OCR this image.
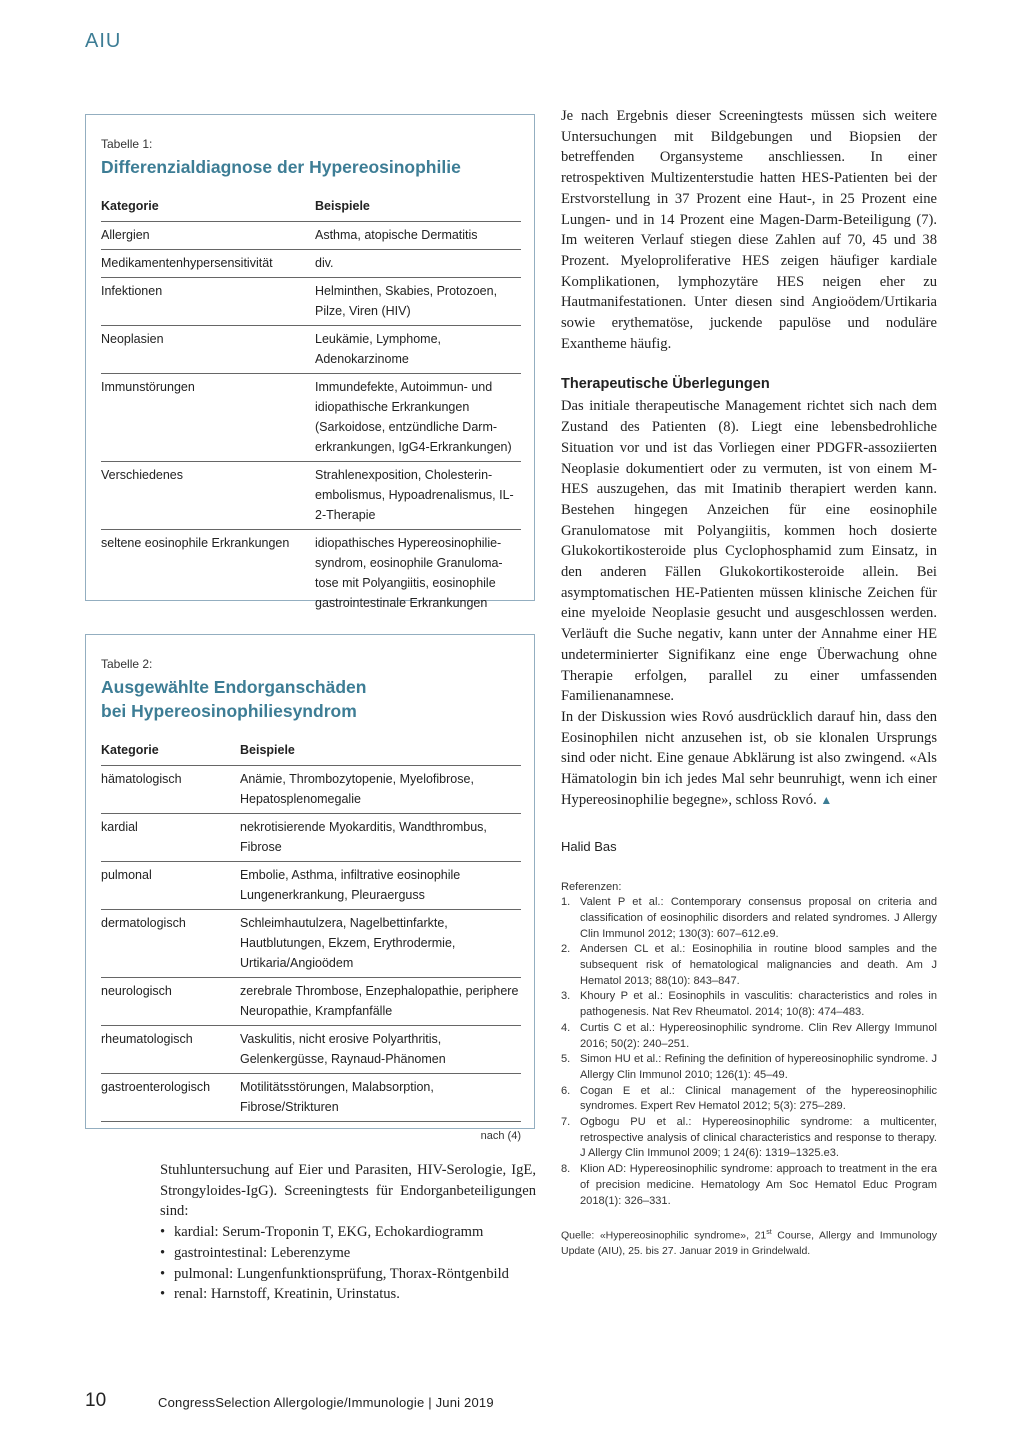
AIU
Tabelle 1:
Differenzialdiagnose der Hypereosinophilie
Kategorie	Beispiele
Allergien	Asthma, atopische Dermatitis
Medikamentenhypersensitivität	div.
Infektionen	Helminthen, Skabies, Protozoen, Pilze, Viren (HIV)
Neoplasien	Leukämie, Lymphome, Adenokarzinome
Immunstörungen	Immundefekte, Autoimmun- und idiopathische Erkrankungen (Sarkoidose, entzündliche Darm-erkrankungen, IgG4-Erkrankungen)
Verschiedenes	Strahlenexposition, Cholesterin-embolismus, Hypoadrenalismus, IL-2-Therapie
seltene eosinophile Erkrankungen	idiopathisches Hypereosinophilie-syndrom, eosinophile Granuloma-tose mit Polyangiitis, eosinophile gastrointestinale Erkrankungen
Tabelle 2:
Ausgewählte Endorganschäden
bei Hypereosinophiliesyndrom
Kategorie	Beispiele
hämatologisch	Anämie, Thrombozytopenie, Myelofibrose, Hepatosplenomegalie
kardial	nekrotisierende Myokarditis, Wandthrombus, Fibrose
pulmonal	Embolie, Asthma, infiltrative eosinophile Lungenerkrankung, Pleuraerguss
dermatologisch	Schleimhautulzera, Nagelbettinfarkte, Hautblutungen, Ekzem, Erythrodermie, Urtikaria/Angioödem
neurologisch	zerebrale Thrombose, Enzephalopathie, periphere Neuropathie, Krampfanfälle
rheumatologisch	Vaskulitis, nicht erosive Polyarthritis, Gelenkergüsse, Raynaud-Phänomen
gastroenterologisch	Motilitätsstörungen, Malabsorption, Fibrose/Strikturen
nach (4)

Stuhluntersuchung auf Eier und Parasiten, HIV-Serologie, IgE, Strongyloides-IgG). Screeningtests für Endorganbeteiligungen sind:

• kardial: Serum-Troponin T, EKG, Echokardiogramm
• gastrointestinal: Leberenzyme
• pulmonal: Lungenfunktionsprüfung, Thorax-Röntgenbild
• renal: Harnstoff, Kreatinin, Urinstatus.

Je nach Ergebnis dieser Screeningtests müssen sich weitere Untersuchungen mit Bildgebungen und Biopsien der betreffenden Organsysteme anschliessen. In einer retrospektiven Multizenterstudie hatten HES-Patienten bei der Erstvorstellung in 37 Prozent eine Haut-, in 25 Prozent eine Lungen- und in 14 Prozent eine Magen-Darm-Beteiligung (7). Im weiteren Verlauf stiegen diese Zahlen auf 70, 45 und 38 Prozent. Myeloproliferative HES zeigen häufiger kardiale Komplikationen, lymphozytäre HES neigen eher zu Hautmanifestationen. Unter diesen sind Angioödem/Urtikaria sowie erythematöse, juckende papulöse und noduläre Exantheme häufig.

Therapeutische Überlegungen

Das initiale therapeutische Management richtet sich nach dem Zustand des Patienten (8). Liegt eine lebensbedrohliche Situation vor und ist das Vorliegen einer PDGFR-assoziierten Neoplasie dokumentiert oder zu vermuten, ist von einem M-HES auszugehen, das mit Imatinib therapiert werden kann. Bestehen hingegen Anzeichen für eine eosinophile Granulomatose mit Polyangiitis, kommen hoch dosierte Glukokortikosteroide plus Cyclophosphamid zum Einsatz, in den anderen Fällen Glukokortikosteroide allein. Bei asymptomatischen HE-Patienten müssen klinische Zeichen für eine myeloide Neoplasie gesucht und ausgeschlossen werden. Verläuft die Suche negativ, kann unter der Annahme einer HE undeterminierter Signifikanz eine enge Überwachung ohne Therapie erfolgen, parallel zu einer umfassenden Familienanamnese.

In der Diskussion wies Rovó ausdrücklich darauf hin, dass den Eosinophilen nicht anzusehen ist, ob sie klonalen Ursprungs sind oder nicht. Eine genaue Abklärung ist also zwingend. «Als Hämatologin bin ich jedes Mal sehr beunruhigt, wenn ich einer Hypereosinophilie begegne», schloss Rovó. ▲

Halid Bas

Referenzen:

1. Valent P et al.: Contemporary consensus proposal on criteria and classification of eosinophilic disorders and related syndromes. J Allergy Clin Immunol 2012; 130(3): 607–612.e9.
2. Andersen CL et al.: Eosinophilia in routine blood samples and the subsequent risk of hematological malignancies and death. Am J Hematol 2013; 88(10): 843–847.
3. Khoury P et al.: Eosinophils in vasculitis: characteristics and roles in pathogenesis. Nat Rev Rheumatol. 2014; 10(8): 474–483.
4. Curtis C et al.: Hypereosinophilic syndrome. Clin Rev Allergy Immunol 2016; 50(2): 240–251.
5. Simon HU et al.: Refining the definition of hypereosinophilic syndrome. J Allergy Clin Immunol 2010; 126(1): 45–49.
6. Cogan E et al.: Clinical management of the hypereosinophilic syndromes. Expert Rev Hematol 2012; 5(3): 275–289.
7. Ogbogu PU et al.: Hypereosinophilic syndrome: a multicenter, retrospective analysis of clinical characteristics and response to therapy. J Allergy Clin Immunol 2009; 1 24(6): 1319–1325.e3.
8. Klion AD: Hypereosinophilic syndrome: approach to treatment in the era of precision medicine. Hematology Am Soc Hematol Educ Program 2018(1): 326–331.
Quelle: «Hypereosinophilic syndrome», 21st Course, Allergy and Immunology Update (AIU), 25. bis 27. Januar 2019 in Grindelwald.
10	CongressSelection Allergologie/Immunologie | Juni 2019
